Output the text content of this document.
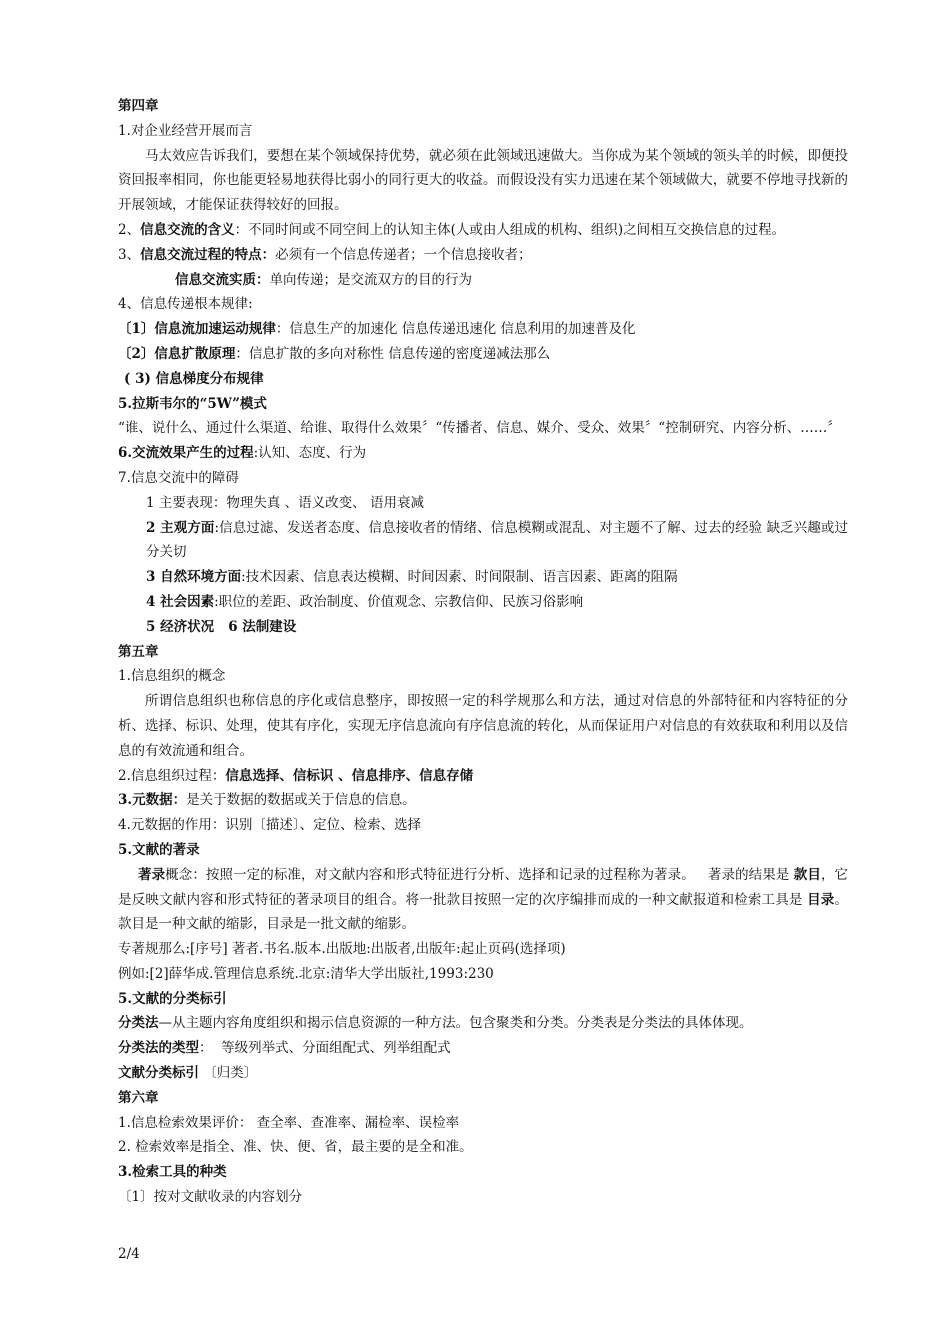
第四章
1.对企业经营开展而言
马太效应告诉我们，要想在某个领域保持优势，就必须在此领域迅速做大。当你成为某个领域的领头羊的时候，即便投资回报率相同，你也能更轻易地获得比弱小的同行更大的收益。而假设没有实力迅速在某个领域做大，就要不停地寻找新的开展领域，才能保证获得较好的回报。
2、信息交流的含义：不同时间或不同空间上的认知主体(人或由人组成的机构、组织)之间相互交换信息的过程。
3、信息交流过程的特点：必须有一个信息传递者；一个信息接收者；
信息交流实质：单向传递；是交流双方的目的行为
4、信息传递根本规律:
〔1〕信息流加速运动规律：信息生产的加速化 信息传递迅速化 信息利用的加速普及化
〔2〕信息扩散原理：信息扩散的多向对称性 信息传递的密度递减法那么
( 3) 信息梯度分布规律
5.拉斯韦尔的“5W”模式
“谁、说什么、通过什么渠道、给谁、取得什么效果〞“传播者、信息、媒介、受众、效果〞“控制研究、内容分析、……〞
6.交流效果产生的过程:认知、态度、行为
7.信息交流中的障碍
1 主要表现：物理失真 、语义改变、 语用衰减
2 主观方面:信息过滤、发送者态度、信息接收者的情绪、信息模糊或混乱、对主题不了解、过去的经验 缺乏兴趣或过分关切
3 自然环境方面:技术因素、信息表达模糊、时间因素、时间限制、语言因素、距离的阻隔
4 社会因素:职位的差距、政治制度、价值观念、宗教信仰、民族习俗影响
5 经济状况   6 法制建设
第五章
1.信息组织的概念
所谓信息组织也称信息的序化或信息整序，即按照一定的科学规那么和方法，通过对信息的外部特征和内容特征的分析、选择、标识、处理，使其有序化，实现无序信息流向有序信息流的转化，从而保证用户对信息的有效获取和利用以及信息的有效流通和组合。
2.信息组织过程：信息选择、信标识 、信息排序、信息存储
3.元数据：是关于数据的数据或关于信息的信息。
4.元数据的作用：识别〔描述〕、定位、检索、选择
5.文献的著录
著录概念：按照一定的标准，对文献内容和形式特征进行分析、选择和记录的过程称为著录。   著录的结果是 款目，它是反映文献内容和形式特征的著录项目的组合。将一批款目按照一定的次序编排而成的一种文献报道和检索工具是 目录。款目是一种文献的缩影，目录是一批文献的缩影。
专著规那么:[序号] 著者.书名.版本.出版地:出版者,出版年:起止页码(选择项)
例如:[2]薛华成.管理信息系统.北京:清华大学出版社,1993:230
5.文献的分类标引
分类法—从主题内容角度组织和揭示信息资源的一种方法。包含聚类和分类。分类表是分类法的具体体现。
分类法的类型：  等级列举式、分面组配式、列举组配式
文献分类标引 〔归类〕
第六章
1.信息检索效果评价： 查全率、查准率、漏检率、误检率
2. 检索效率是指全、准、快、便、省，最主要的是全和准。
3.检索工具的种类
〔1〕按对文献收录的内容划分
2/4
